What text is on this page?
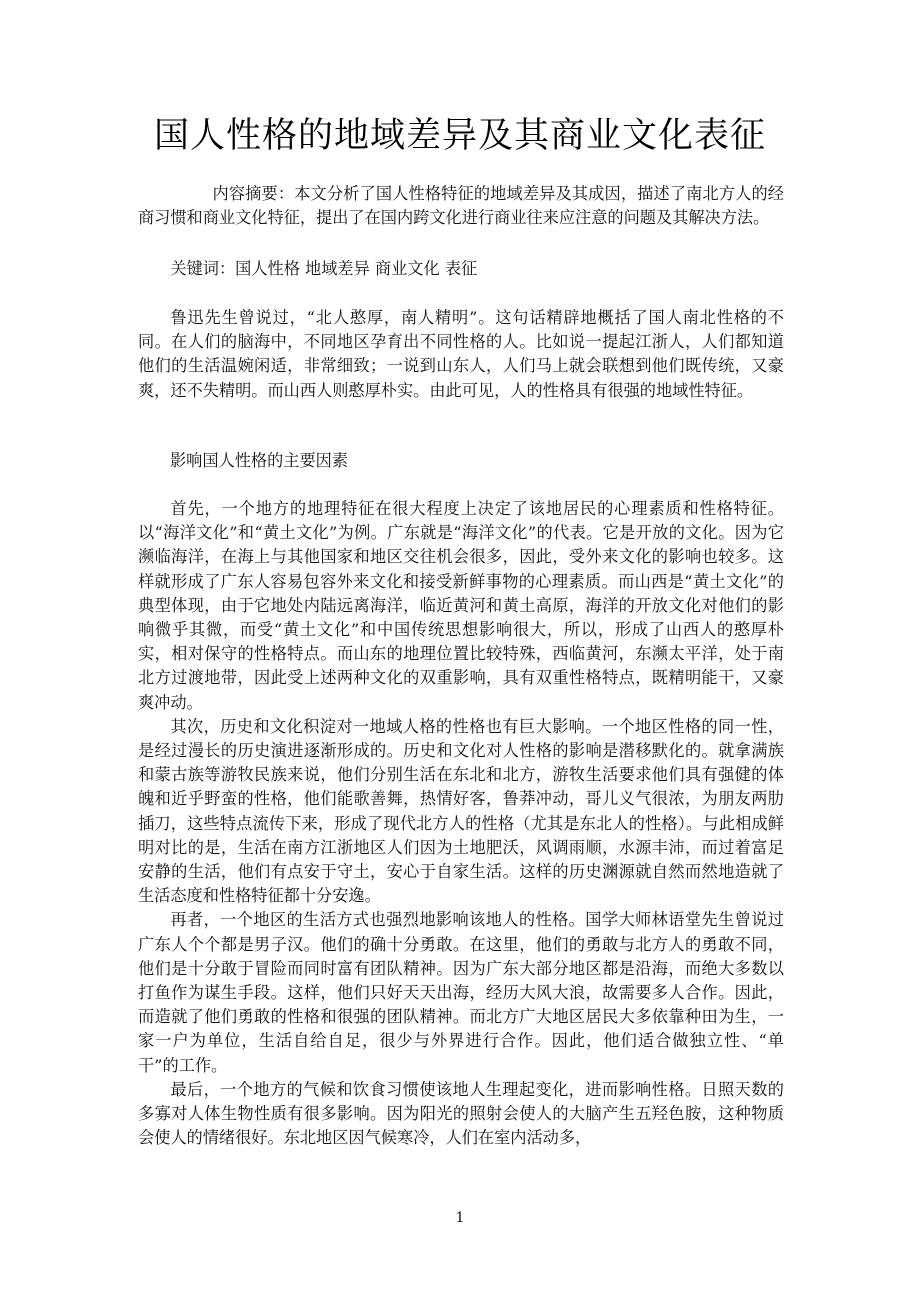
国人性格的地域差异及其商业文化表征

内容摘要：本文分析了国人性格特征的地域差异及其成因，描述了南北方人的经商习惯和商业文化特征，提出了在国内跨文化进行商业往来应注意的问题及其解决方法。

关键词：国人性格 地域差异 商业文化 表征

鲁迅先生曾说过，“北人憨厚，南人精明”。这句话精辟地概括了国人南北性格的不同。在人们的脑海中，不同地区孕育出不同性格的人。比如说一提起江浙人，人们都知道他们的生活温婉闲适，非常细致；一说到山东人，人们马上就会联想到他们既传统，又豪爽，还不失精明。而山西人则憨厚朴实。由此可见，人的性格具有很强的地域性特征。

影响国人性格的主要因素

首先，一个地方的地理特征在很大程度上决定了该地居民的心理素质和性格特征。以“海洋文化”和“黄土文化”为例。广东就是“海洋文化”的代表。它是开放的文化。因为它濒临海洋，在海上与其他国家和地区交往机会很多，因此，受外来文化的影响也较多。这样就形成了广东人容易包容外来文化和接受新鲜事物的心理素质。而山西是“黄土文化”的典型体现，由于它地处内陆远离海洋，临近黄河和黄土高原，海洋的开放文化对他们的影响微乎其微，而受“黄土文化”和中国传统思想影响很大，所以，形成了山西人的憨厚朴实，相对保守的性格特点。而山东的地理位置比较特殊，西临黄河，东濒太平洋，处于南北方过渡地带，因此受上述两种文化的双重影响，具有双重性格特点，既精明能干，又豪爽冲动。

其次，历史和文化积淀对一地域人格的性格也有巨大影响。一个地区性格的同一性，是经过漫长的历史演进逐渐形成的。历史和文化对人性格的影响是潜移默化的。就拿满族和蒙古族等游牧民族来说，他们分别生活在东北和北方，游牧生活要求他们具有强健的体魄和近乎野蛮的性格，他们能歌善舞，热情好客，鲁莽冲动，哥儿义气很浓，为朋友两肋插刀，这些特点流传下来，形成了现代北方人的性格（尤其是东北人的性格）。与此相成鲜明对比的是，生活在南方江浙地区人们因为土地肥沃，风调雨顺，水源丰沛，而过着富足安静的生活，他们有点安于守土，安心于自家生活。这样的历史渊源就自然而然地造就了生活态度和性格特征都十分安逸。

再者，一个地区的生活方式也强烈地影响该地人的性格。国学大师林语堂先生曾说过广东人个个都是男子汉。他们的确十分勇敢。在这里，他们的勇敢与北方人的勇敢不同，他们是十分敢于冒险而同时富有团队精神。因为广东大部分地区都是沿海，而绝大多数以打鱼作为谋生手段。这样，他们只好天天出海，经历大风大浪，故需要多人合作。因此，而造就了他们勇敢的性格和很强的团队精神。而北方广大地区居民大多依靠种田为生，一家一户为单位，生活自给自足，很少与外界进行合作。因此，他们适合做独立性、“单干”的工作。

最后，一个地方的气候和饮食习惯使该地人生理起变化，进而影响性格。日照天数的多寡对人体生物性质有很多影响。因为阳光的照射会使人的大脑产生五羟色胺，这种物质会使人的情绪很好。东北地区因气候寒冷，人们在室内活动多，

1
